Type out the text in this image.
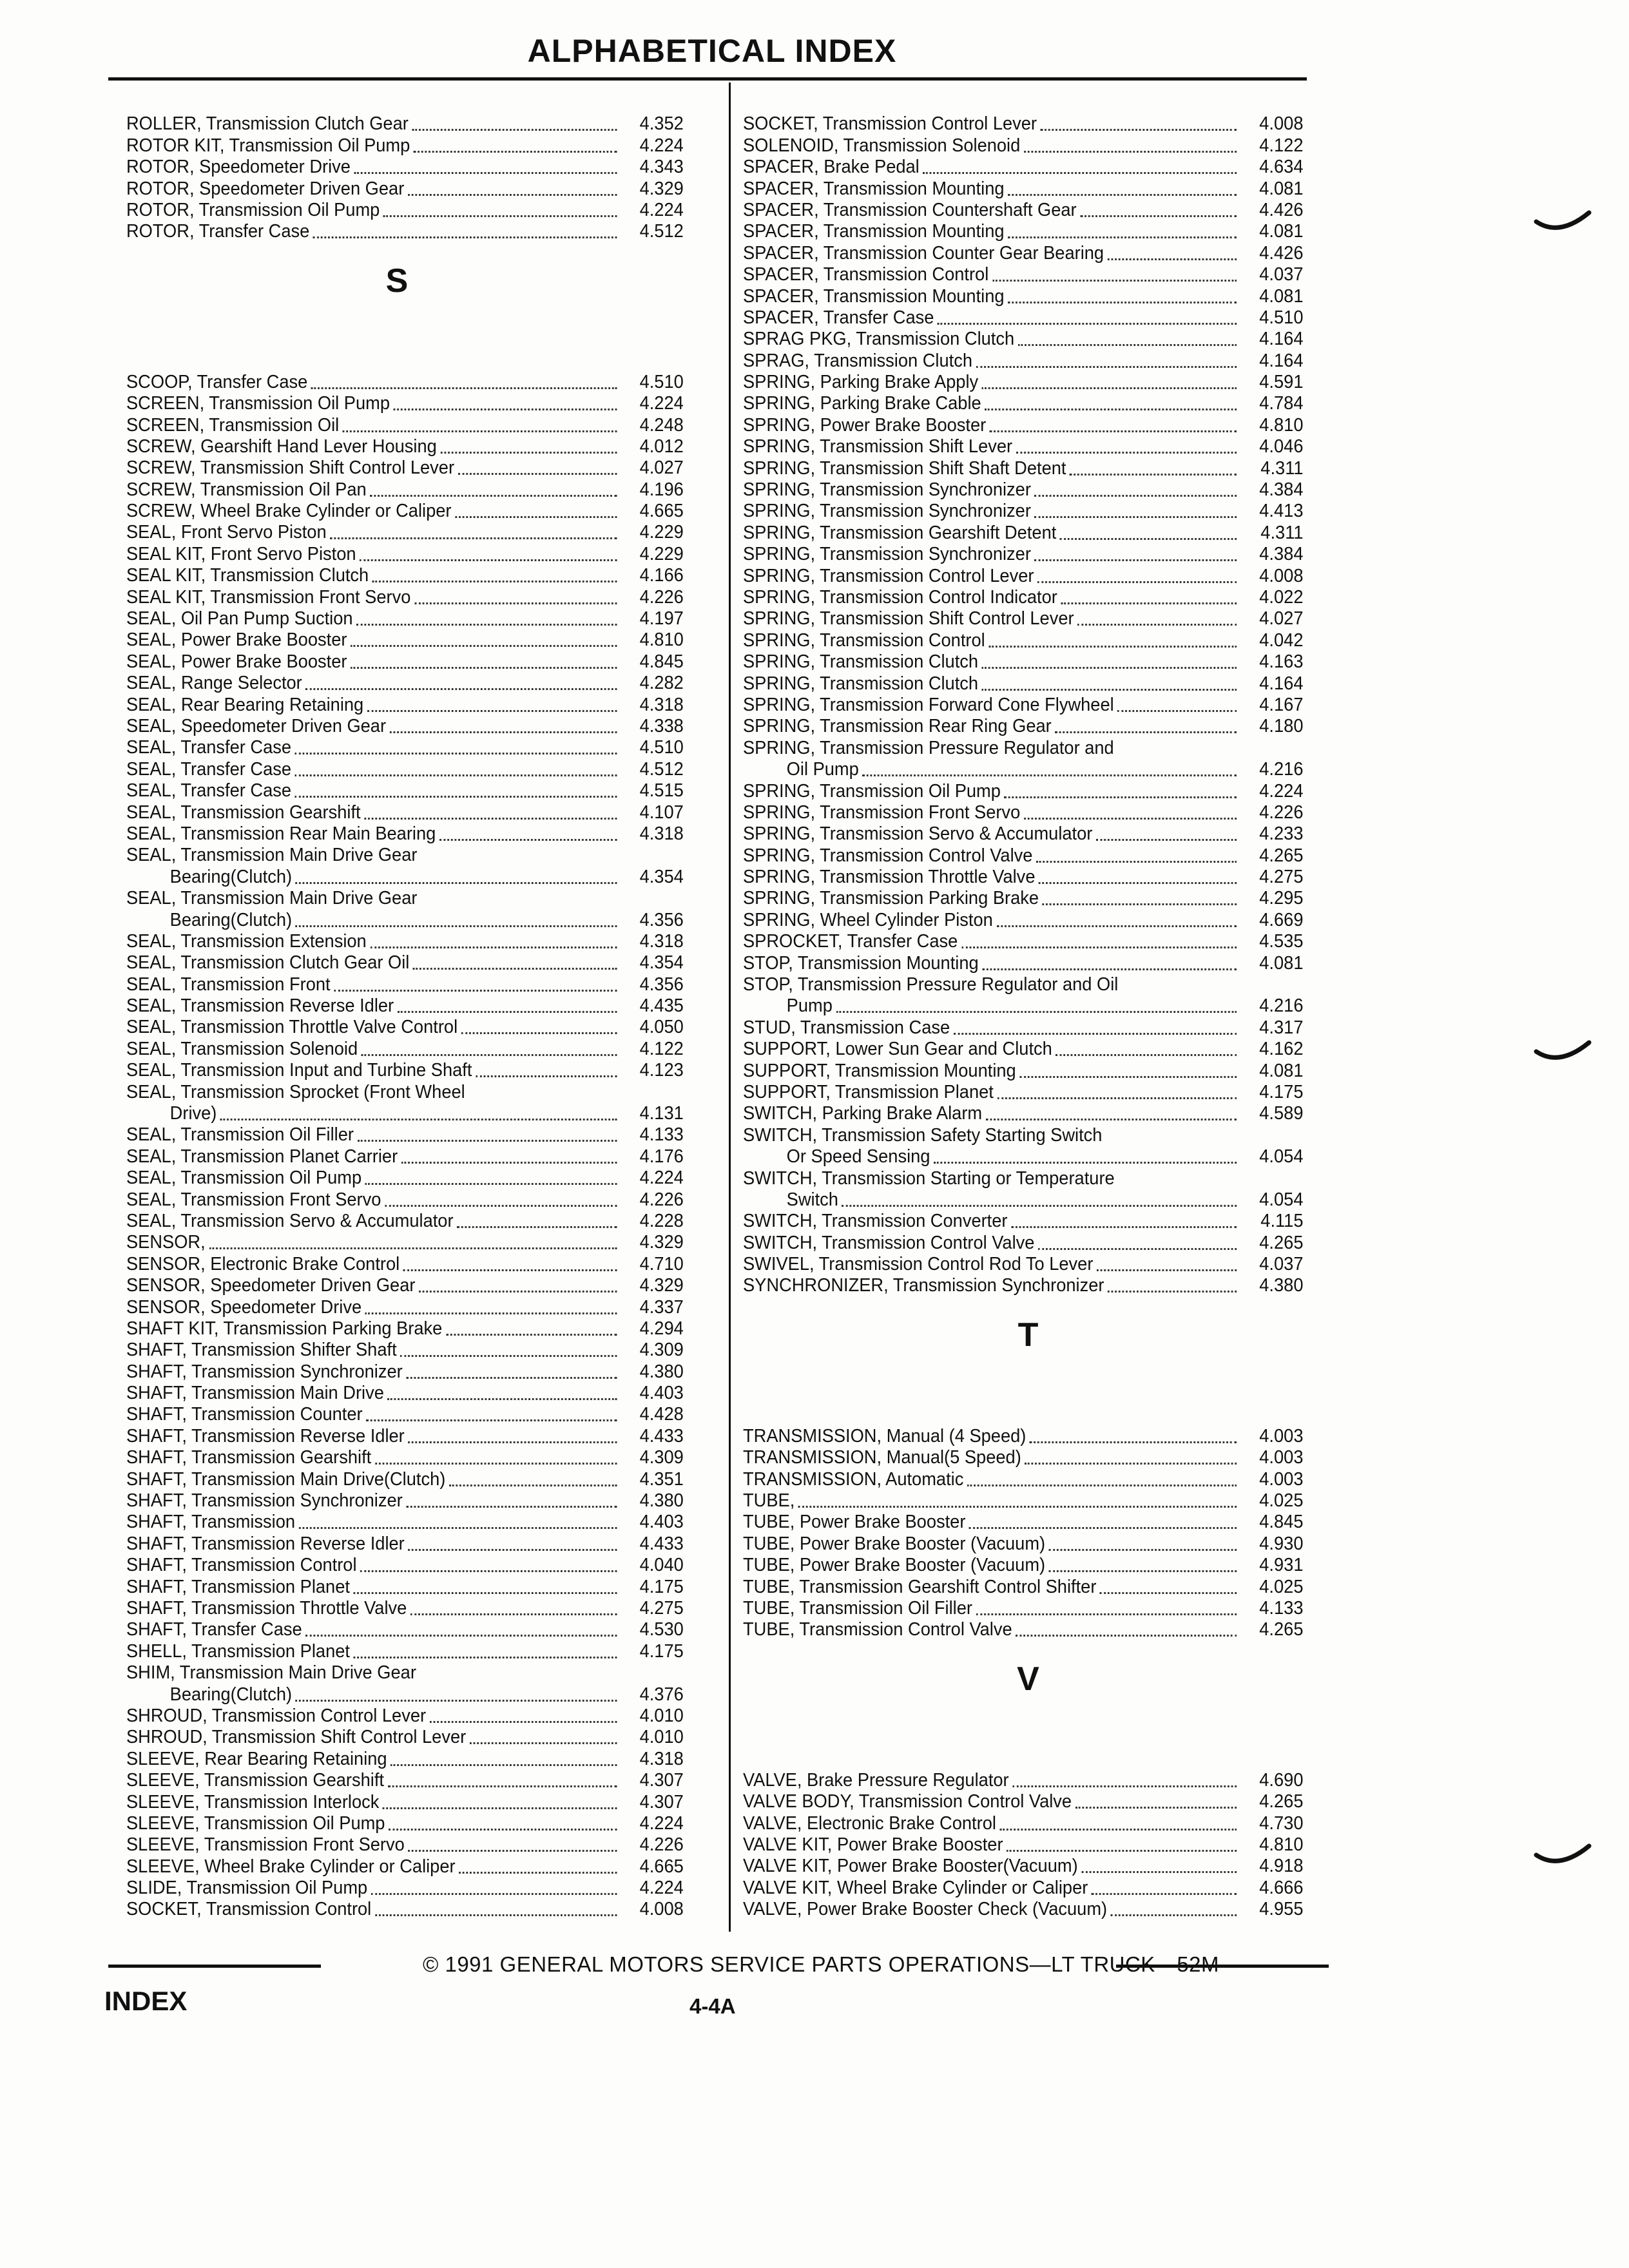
ALPHABETICAL INDEX
ROLLER, Transmission Clutch Gear	4.352
ROTOR KIT, Transmission Oil Pump	4.224
ROTOR, Speedometer Drive	4.343
ROTOR, Speedometer Driven Gear	4.329
ROTOR, Transmission Oil Pump	4.224
ROTOR, Transfer Case	4.512
S
SCOOP, Transfer Case	4.510
SCREEN, Transmission Oil Pump	4.224
SCREEN, Transmission Oil	4.248
SCREW, Gearshift Hand Lever Housing	4.012
SCREW, Transmission Shift Control Lever	4.027
SCREW, Transmission Oil Pan	4.196
SCREW, Wheel Brake Cylinder or Caliper	4.665
SEAL, Front Servo Piston	4.229
SEAL KIT, Front Servo Piston	4.229
SEAL KIT, Transmission Clutch	4.166
SEAL KIT, Transmission Front Servo	4.226
SEAL, Oil Pan Pump Suction	4.197
SEAL, Power Brake Booster	4.810
SEAL, Power Brake Booster	4.845
SEAL, Range Selector	4.282
SEAL, Rear Bearing Retaining	4.318
SEAL, Speedometer Driven Gear	4.338
SEAL, Transfer Case	4.510
SEAL, Transfer Case	4.512
SEAL, Transfer Case	4.515
SEAL, Transmission Gearshift	4.107
SEAL, Transmission Rear Main Bearing	4.318
SEAL, Transmission Main Drive Gear
Bearing(Clutch)	4.354
SEAL, Transmission Main Drive Gear
Bearing(Clutch)	4.356
SEAL, Transmission Extension	4.318
SEAL, Transmission Clutch Gear Oil	4.354
SEAL, Transmission Front	4.356
SEAL, Transmission Reverse Idler	4.435
SEAL, Transmission Throttle Valve Control	4.050
SEAL, Transmission Solenoid	4.122
SEAL, Transmission Input and Turbine Shaft	4.123
SEAL, Transmission Sprocket (Front Wheel
Drive)	4.131
SEAL, Transmission Oil Filler	4.133
SEAL, Transmission Planet Carrier	4.176
SEAL, Transmission Oil Pump	4.224
SEAL, Transmission Front Servo	4.226
SEAL, Transmission Servo & Accumulator	4.228
SENSOR,	4.329
SENSOR, Electronic Brake Control	4.710
SENSOR, Speedometer Driven Gear	4.329
SENSOR, Speedometer Drive	4.337
SHAFT KIT, Transmission Parking Brake	4.294
SHAFT, Transmission Shifter Shaft	4.309
SHAFT, Transmission Synchronizer	4.380
SHAFT, Transmission Main Drive	4.403
SHAFT, Transmission Counter	4.428
SHAFT, Transmission Reverse Idler	4.433
SHAFT, Transmission Gearshift	4.309
SHAFT, Transmission Main Drive(Clutch)	4.351
SHAFT, Transmission Synchronizer	4.380
SHAFT, Transmission	4.403
SHAFT, Transmission Reverse Idler	4.433
SHAFT, Transmission Control	4.040
SHAFT, Transmission Planet	4.175
SHAFT, Transmission Throttle Valve	4.275
SHAFT, Transfer Case	4.530
SHELL, Transmission Planet	4.175
SHIM, Transmission Main Drive Gear
Bearing(Clutch)	4.376
SHROUD, Transmission Control Lever	4.010
SHROUD, Transmission Shift Control Lever	4.010
SLEEVE, Rear Bearing Retaining	4.318
SLEEVE, Transmission Gearshift	4.307
SLEEVE, Transmission Interlock	4.307
SLEEVE, Transmission Oil Pump	4.224
SLEEVE, Transmission Front Servo	4.226
SLEEVE, Wheel Brake Cylinder or Caliper	4.665
SLIDE, Transmission Oil Pump	4.224
SOCKET, Transmission Control	4.008
SOCKET, Transmission Control Lever	4.008
SOLENOID, Transmission Solenoid	4.122
SPACER, Brake Pedal	4.634
SPACER, Transmission Mounting	4.081
SPACER, Transmission Countershaft Gear	4.426
SPACER, Transmission Mounting	4.081
SPACER, Transmission Counter Gear Bearing	4.426
SPACER, Transmission Control	4.037
SPACER, Transmission Mounting	4.081
SPACER, Transfer Case	4.510
SPRAG PKG, Transmission Clutch	4.164
SPRAG, Transmission Clutch	4.164
SPRING, Parking Brake Apply	4.591
SPRING, Parking Brake Cable	4.784
SPRING, Power Brake Booster	4.810
SPRING, Transmission Shift Lever	4.046
SPRING, Transmission Shift Shaft Detent	4.311
SPRING, Transmission Synchronizer	4.384
SPRING, Transmission Synchronizer	4.413
SPRING, Transmission Gearshift Detent	4.311
SPRING, Transmission Synchronizer	4.384
SPRING, Transmission Control Lever	4.008
SPRING, Transmission Control Indicator	4.022
SPRING, Transmission Shift Control Lever	4.027
SPRING, Transmission Control	4.042
SPRING, Transmission Clutch	4.163
SPRING, Transmission Clutch	4.164
SPRING, Transmission Forward Cone Flywheel	4.167
SPRING, Transmission Rear Ring Gear	4.180
SPRING, Transmission Pressure Regulator and
Oil Pump	4.216
SPRING, Transmission Oil Pump	4.224
SPRING, Transmission Front Servo	4.226
SPRING, Transmission Servo & Accumulator	4.233
SPRING, Transmission Control Valve	4.265
SPRING, Transmission Throttle Valve	4.275
SPRING, Transmission Parking Brake	4.295
SPRING, Wheel Cylinder Piston	4.669
SPROCKET, Transfer Case	4.535
STOP, Transmission Mounting	4.081
STOP, Transmission Pressure Regulator and Oil
Pump	4.216
STUD, Transmission Case	4.317
SUPPORT, Lower Sun Gear and Clutch	4.162
SUPPORT, Transmission Mounting	4.081
SUPPORT, Transmission Planet	4.175
SWITCH, Parking Brake Alarm	4.589
SWITCH, Transmission Safety Starting Switch
Or Speed Sensing	4.054
SWITCH, Transmission Starting or Temperature
Switch	4.054
SWITCH, Transmission Converter	4.115
SWITCH, Transmission Control Valve	4.265
SWIVEL, Transmission Control Rod To Lever	4.037
SYNCHRONIZER, Transmission Synchronizer	4.380
T
TRANSMISSION, Manual (4 Speed)	4.003
TRANSMISSION, Manual(5 Speed)	4.003
TRANSMISSION, Automatic	4.003
TUBE,	4.025
TUBE, Power Brake Booster	4.845
TUBE, Power Brake Booster (Vacuum)	4.930
TUBE, Power Brake Booster (Vacuum)	4.931
TUBE, Transmission Gearshift Control Shifter	4.025
TUBE, Transmission Oil Filler	4.133
TUBE, Transmission Control Valve	4.265
V
VALVE, Brake Pressure Regulator	4.690
VALVE BODY, Transmission Control Valve	4.265
VALVE, Electronic Brake Control	4.730
VALVE KIT, Power Brake Booster	4.810
VALVE KIT, Power Brake Booster(Vacuum)	4.918
VALVE KIT, Wheel Brake Cylinder or Caliper	4.666
VALVE, Power Brake Booster Check (Vacuum)	4.955
© 1991 GENERAL MOTORS SERVICE PARTS OPERATIONS—LT TRUCK—52M
INDEX	4-4A
